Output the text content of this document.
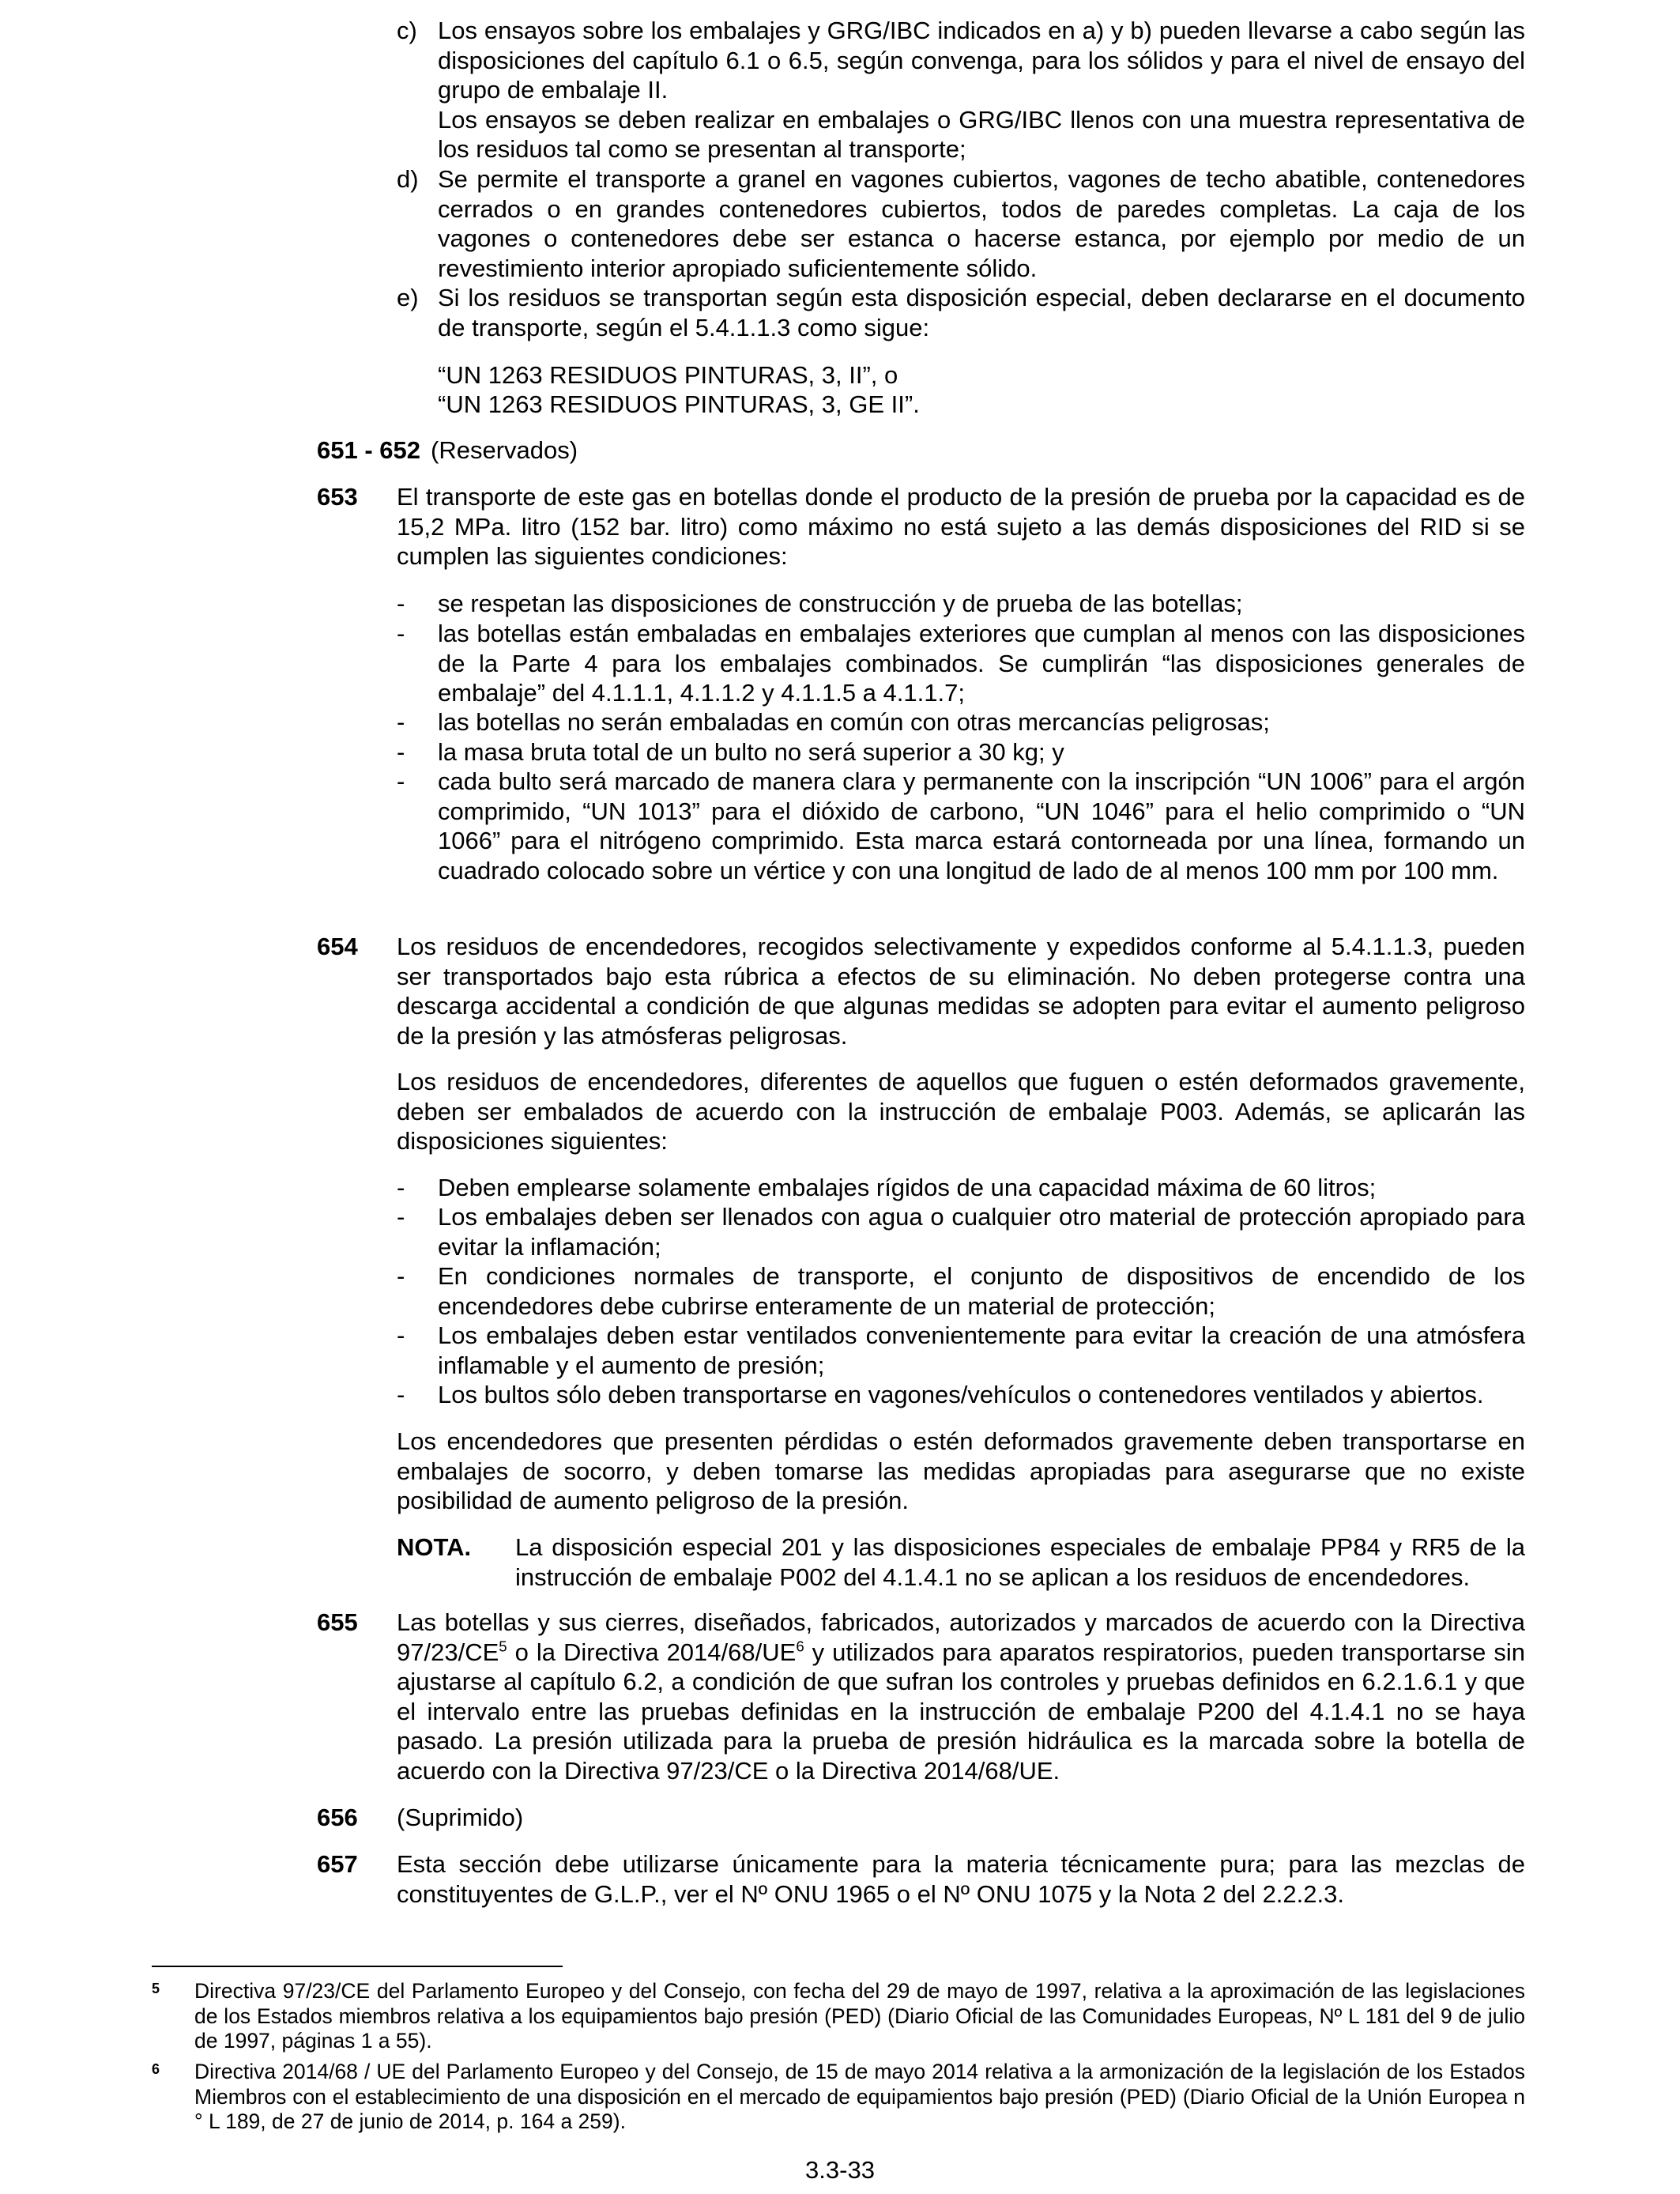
c) Los ensayos sobre los embalajes y GRG/IBC indicados en a) y b) pueden llevarse a cabo según las disposiciones del capítulo 6.1 o 6.5, según convenga, para los sólidos y para el nivel de ensayo del grupo de embalaje II.
Los ensayos se deben realizar en embalajes o GRG/IBC llenos con una muestra representativa de los residuos tal como se presentan al transporte;
d) Se permite el transporte a granel en vagones cubiertos, vagones de techo abatible, contenedores cerrados o en grandes contenedores cubiertos, todos de paredes completas. La caja de los vagones o contenedores debe ser estanca o hacerse estanca, por ejemplo por medio de un revestimiento interior apropiado suficientemente sólido.
e) Si los residuos se transportan según esta disposición especial, deben declararse en el documento de transporte, según el 5.4.1.1.3 como sigue:
“UN 1263 RESIDUOS PINTURAS, 3, II”, o
“UN 1263 RESIDUOS PINTURAS, 3, GE II”.
651 - 652 (Reservados)
653 El transporte de este gas en botellas donde el producto de la presión de prueba por la capacidad es de 15,2 MPa. litro (152 bar. litro) como máximo no está sujeto a las demás disposiciones del RID si se cumplen las siguientes condiciones:
-	se respetan las disposiciones de construcción y de prueba de las botellas;
-	las botellas están embaladas en embalajes exteriores que cumplan al menos con las disposiciones de la Parte 4 para los embalajes combinados. Se cumplirán “las disposiciones generales de embalaje” del 4.1.1.1, 4.1.1.2 y 4.1.1.5 a 4.1.1.7;
-	las botellas no serán embaladas en común con otras mercancías peligrosas;
-	la masa bruta total de un bulto no será superior a 30 kg; y
-	cada bulto será marcado de manera clara y permanente con la inscripción “UN 1006” para el argón comprimido, “UN 1013” para el dióxido de carbono, “UN 1046” para el helio comprimido o “UN 1066” para el nitrógeno comprimido. Esta marca estará contorneada por una línea, formando un cuadrado colocado sobre un vértice y con una longitud de lado de al menos 100 mm por 100 mm.
654 Los residuos de encendedores, recogidos selectivamente y expedidos conforme al 5.4.1.1.3, pueden ser transportados bajo esta rúbrica a efectos de su eliminación. No deben protegerse contra una descarga accidental a condición de que algunas medidas se adopten para evitar el aumento peligroso de la presión y las atmósferas peligrosas.
Los residuos de encendedores, diferentes de aquellos que fuguen o estén deformados gravemente, deben ser embalados de acuerdo con la instrucción de embalaje P003. Además, se aplicarán las disposiciones siguientes:
-	Deben emplearse solamente embalajes rígidos de una capacidad máxima de 60 litros;
-	Los embalajes deben ser llenados con agua o cualquier otro material de protección apropiado para evitar la inflamación;
-	En condiciones normales de transporte, el conjunto de dispositivos de encendido de los encendedores debe cubrirse enteramente de un material de protección;
-	Los embalajes deben estar ventilados convenientemente para evitar la creación de una atmósfera inflamable y el aumento de presión;
-	Los bultos sólo deben transportarse en vagones/vehículos o contenedores ventilados y abiertos.
Los encendedores que presenten pérdidas o estén deformados gravemente deben transportarse en embalajes de socorro, y deben tomarse las medidas apropiadas para asegurarse que no existe posibilidad de aumento peligroso de la presión.
NOTA.	La disposición especial 201 y las disposiciones especiales de embalaje PP84 y RR5 de la instrucción de embalaje P002 del 4.1.4.1 no se aplican a los residuos de encendedores.
655 Las botellas y sus cierres, diseñados, fabricados, autorizados y marcados de acuerdo con la Directiva $97/23/CE^5$ o la Directiva $2014/68/UE^6$ y utilizados para aparatos respiratorios, pueden transportarse sin ajustarse al capítulo 6.2, a condición de que sufran los controles y pruebas definidos en 6.2.1.6.1 y que el intervalo entre las pruebas definidas en la instrucción de embalaje P200 del 4.1.4.1 no se haya pasado. La presión utilizada para la prueba de presión hidráulica es la marcada sobre la botella de acuerdo con la Directiva 97/23/CE o la Directiva 2014/68/UE.
656 (Suprimido)
657 Esta sección debe utilizarse únicamente para la materia técnicamente pura; para las mezclas de constituyentes de G.L.P., ver el Nº ONU 1965 o el Nº ONU 1075 y la Nota 2 del 2.2.2.3.
5	Directiva 97/23/CE del Parlamento Europeo y del Consejo, con fecha del 29 de mayo de 1997, relativa a la aproximación de las legislaciones de los Estados miembros relativa a los equipamientos bajo presión (PED) (Diario Oficial de las Comunidades Europeas, Nº L 181 del 9 de julio de 1997, páginas 1 a 55).
6	Directiva 2014/68 / UE del Parlamento Europeo y del Consejo, de 15 de mayo 2014 relativa a la armonización de la legislación de los Estados Miembros con el establecimiento de una disposición en el mercado de equipamientos bajo presión (PED) (Diario Oficial de la Unión Europea n ° L 189, de 27 de junio de 2014, p. 164 a 259).
3.3-33
